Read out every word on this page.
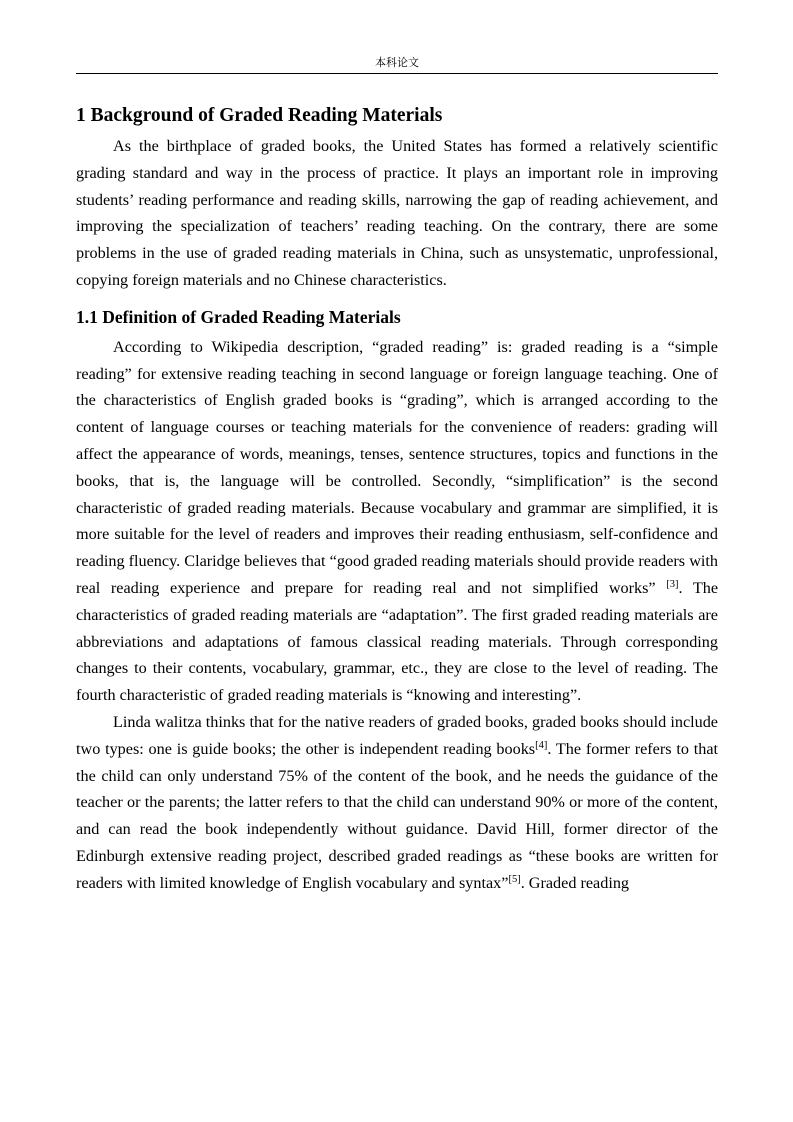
本科论文
1 Background of Graded Reading Materials

As the birthplace of graded books, the United States has formed a relatively scientific grading standard and way in the process of practice. It plays an important role in improving students’ reading performance and reading skills, narrowing the gap of reading achievement, and improving the specialization of teachers’ reading teaching. On the contrary, there are some problems in the use of graded reading materials in China, such as unsystematic, unprofessional, copying foreign materials and no Chinese characteristics.

1.1 Definition of Graded Reading Materials

According to Wikipedia description, “graded reading” is: graded reading is a “simple reading” for extensive reading teaching in second language or foreign language teaching. One of the characteristics of English graded books is “grading”, which is arranged according to the content of language courses or teaching materials for the convenience of readers: grading will affect the appearance of words, meanings, tenses, sentence structures, topics and functions in the books, that is, the language will be controlled. Secondly, “simplification” is the second characteristic of graded reading materials. Because vocabulary and grammar are simplified, it is more suitable for the level of readers and improves their reading enthusiasm, self-confidence and reading fluency. Claridge believes that “good graded reading materials should provide readers with real reading experience and prepare for reading real and not simplified works” [3]. The characteristics of graded reading materials are “adaptation”. The first graded reading materials are abbreviations and adaptations of famous classical reading materials. Through corresponding changes to their contents, vocabulary, grammar, etc., they are close to the level of reading. The fourth characteristic of graded reading materials is “knowing and interesting”.

Linda walitza thinks that for the native readers of graded books, graded books should include two types: one is guide books; the other is independent reading books[4]. The former refers to that the child can only understand 75% of the content of the book, and he needs the guidance of the teacher or the parents; the latter refers to that the child can understand 90% or more of the content, and can read the book independently without guidance. David Hill, former director of the Edinburgh extensive reading project, described graded readings as “these books are written for readers with limited knowledge of English vocabulary and syntax”[5]. Graded reading
